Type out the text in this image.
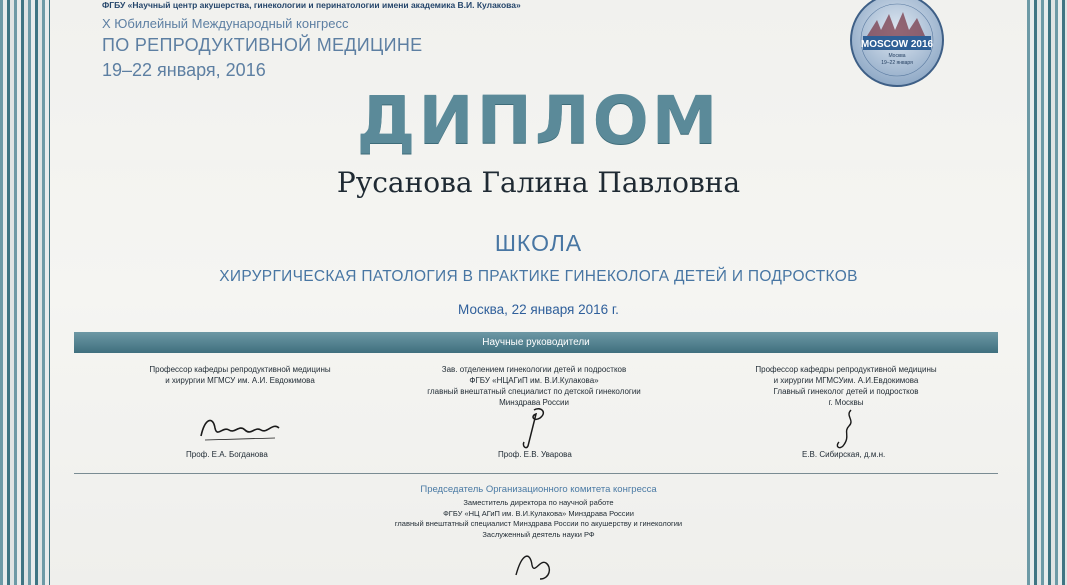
ФГБУ «Научный центр акушерства, гинекологии и перинатологии имени академика В.И. Кулакова»
X Юбилейный Международный конгресс
ПО РЕПРОДУКТИВНОЙ МЕДИЦИНЕ
19–22 января, 2016
MOSCOW 2016
Москва
19–22 января
ДИПЛОМ
Русанова Галина Павловна
ШКОЛА
ХИРУРГИЧЕСКАЯ ПАТОЛОГИЯ В ПРАКТИКЕ ГИНЕКОЛОГА ДЕТЕЙ И ПОДРОСТКОВ
Москва, 22 января 2016 г.
Научные руководители
Профессор кафедры репродуктивной медицины
и хирургии МГМСУ им. А.И. Евдокимова
Зав. отделением гинекологии детей и подростков
ФГБУ «НЦАГиП им. В.И.Кулакова»
главный внештатный специалист по детской гинекологии
Минздрава России
Профессор кафедры репродуктивной медицины
и хирургии МГМСУим. А.И.Евдокимова
Главный гинеколог детей и подростков
г. Москвы
Проф. Е.А. Богданова	Проф. Е.В. Уварова	Е.В. Сибирская, д.м.н.
Председатель Организационного комитета конгресса
Заместитель директора по научной работе
ФГБУ «НЦ АГиП им. В.И.Кулакова» Минздрава России
главный внештатный специалист Минздрава России по акушерству и гинекологии
Заслуженный деятель науки РФ
